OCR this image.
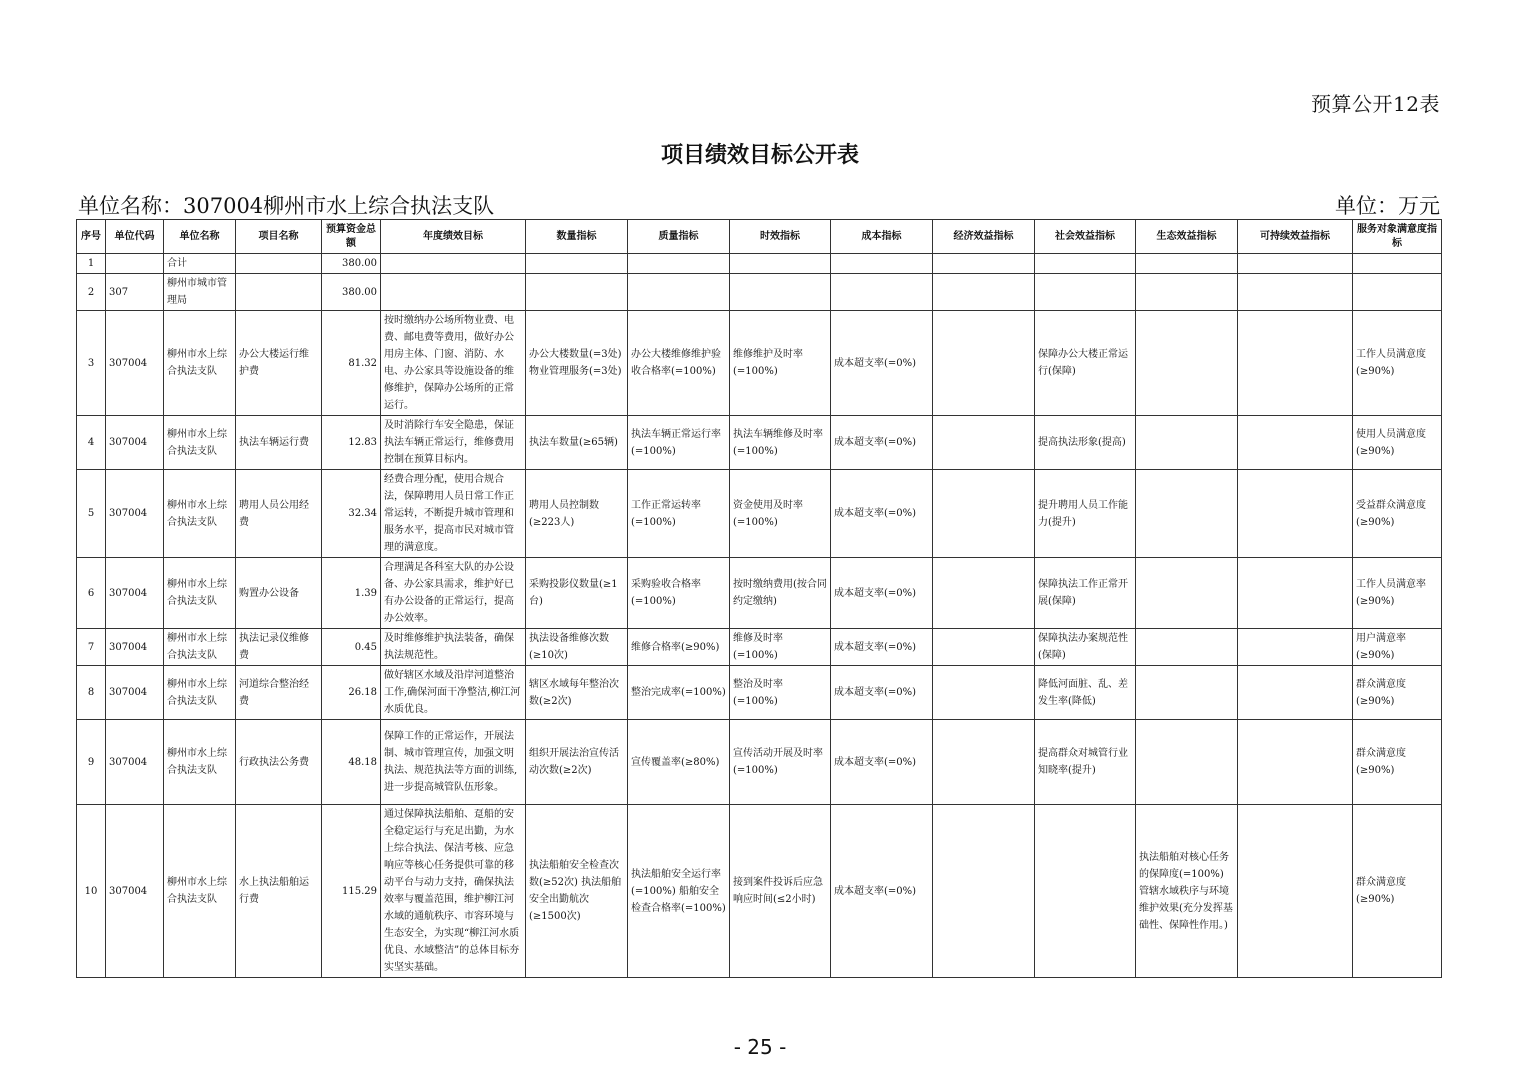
预算公开12表
项目绩效目标公开表
单位名称：307004柳州市水上综合执法支队	单位：万元
序号	单位代码	单位名称	项目名称	预算资金总额	年度绩效目标	数量指标	质量指标	时效指标	成本指标	经济效益指标	社会效益指标	生态效益指标	可持续效益指标	服务对象满意度指标
1		合计		380.00										
2	307	柳州市城市管理局		380.00										
3	307004	柳州市水上综合执法支队	办公大楼运行维护费	81.32	按时缴纳办公场所物业费、电费、邮电费等费用，做好办公用房主体、门窗、消防、水电、办公家具等设施设备的维修维护，保障办公场所的正常运行。	办公大楼数量(=3处) 物业管理服务(=3处)	办公大楼维修维护验收合格率(=100%)	维修维护及时率(=100%)	成本超支率(=0%)		保障办公大楼正常运行(保障)			工作人员满意度(≥90%)
4	307004	柳州市水上综合执法支队	执法车辆运行费	12.83	及时消除行车安全隐患，保证执法车辆正常运行，维修费用控制在预算目标内。	执法车数量(≥65辆)	执法车辆正常运行率(=100%)	执法车辆维修及时率(=100%)	成本超支率(=0%)		提高执法形象(提高)			使用人员满意度(≥90%)
5	307004	柳州市水上综合执法支队	聘用人员公用经费	32.34	经费合理分配，使用合规合法，保障聘用人员日常工作正常运转，不断提升城市管理和服务水平，提高市民对城市管理的满意度。	聘用人员控制数(≥223人)	工作正常运转率(=100%)	资金使用及时率(=100%)	成本超支率(=0%)		提升聘用人员工作能力(提升)			受益群众满意度(≥90%)
6	307004	柳州市水上综合执法支队	购置办公设备	1.39	合理满足各科室大队的办公设备、办公家具需求，维护好已有办公设备的正常运行，提高办公效率。	采购投影仪数量(≥1台)	采购验收合格率(=100%)	按时缴纳费用(按合同约定缴纳)	成本超支率(=0%)		保障执法工作正常开展(保障)			工作人员满意率(≥90%)
7	307004	柳州市水上综合执法支队	执法记录仪维修费	0.45	及时维修维护执法装备，确保执法规范性。	执法设备维修次数(≥10次)	维修合格率(≥90%)	维修及时率(=100%)	成本超支率(=0%)		保障执法办案规范性(保障)			用户满意率(≥90%)
8	307004	柳州市水上综合执法支队	河道综合整治经费	26.18	做好辖区水域及沿岸河道整治工作,确保河面干净整洁,柳江河水质优良。	辖区水域每年整治次数(≥2次)	整治完成率(=100%)	整治及时率(=100%)	成本超支率(=0%)		降低河面脏、乱、差发生率(降低)			群众满意度(≥90%)
9	307004	柳州市水上综合执法支队	行政执法公务费	48.18	保障工作的正常运作，开展法制、城市管理宣传，加强文明执法、规范执法等方面的训练,进一步提高城管队伍形象。	组织开展法治宣传活动次数(≥2次)	宣传覆盖率(≥80%)	宣传活动开展及时率(=100%)	成本超支率(=0%)		提高群众对城管行业知晓率(提升)			群众满意度(≥90%)
10	307004	柳州市水上综合执法支队	水上执法船舶运行费	115.29	通过保障执法船舶、趸船的安全稳定运行与充足出勤，为水上综合执法、保洁考核、应急响应等核心任务提供可靠的移动平台与动力支持，确保执法效率与覆盖范围，维护柳江河水域的通航秩序、市容环境与生态安全，为实现“柳江河水质优良、水域整洁”的总体目标夯实坚实基础。	执法船舶安全检查次数(≥52次) 执法船舶安全出勤航次(≥1500次)	执法船舶安全运行率(=100%) 船舶安全检查合格率(=100%)	接到案件投诉后应急响应时间(≤2小时)	成本超支率(=0%)			执法船舶对核心任务的保障度(=100%) 管辖水域秩序与环境维护效果(充分发挥基础性、保障性作用。)		群众满意度(≥90%)
- 25 -
